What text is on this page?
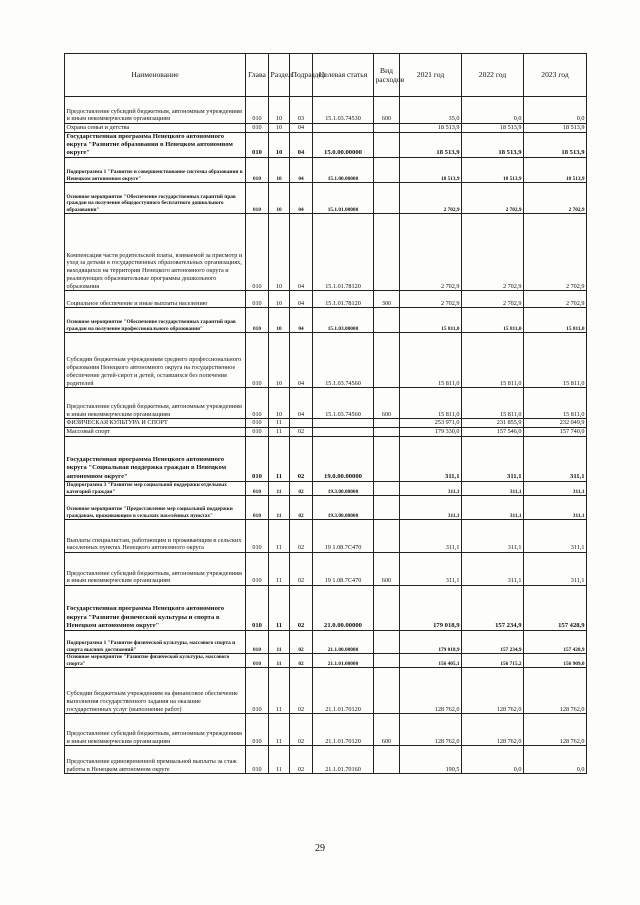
Наименование	Глава	Раздел	Подраздел	Целевая статья	Вид расходов	2021 год	2022 год	2023 год
Предоставление субсидий бюджетным, автономным учреждениям и иным некоммерческим организациям	010	10	03	15.1.03.74530	600	35,0	0,0	0,0
Охрана семьи и детства	010	10	04			18 513,9	18 513,9	18 513,9
Государственная программа Ненецкого автономного округа "Развитие образования в Ненецком автономном округе"	010	10	04	15.0.00.00000		18 513,9	18 513,9	18 513,9
Подпрограмма 1 "Развитие и совершенствование системы образования в Ненецком автономном округе"	010	10	04	15.1.00.00000		18 513,9	18 513,9	18 513,9
Основное мероприятие "Обеспечение государственных гарантий прав граждан на получение общедоступного бесплатного дошкольного образования"	010	10	04	15.1.01.00000		2 702,9	2 702,9	2 702,9
Компенсация части родительской платы, взимаемой за присмотр и уход за детьми в государственных образовательных организациях, находящихся на территории Ненецкого автономного округа и реализующих образовательные программы дошкольного образования	010	10	04	15.1.01.78120		2 702,9	2 702,9	2 702,9
Социальное обеспечение и иные выплаты населению	010	10	04	15.1.01.78120	300	2 702,9	2 702,9	2 702,9
Основное мероприятие "Обеспечение государственных гарантий прав граждан на получение профессионального образования"	010	10	04	15.1.03.00000		15 811,0	15 811,0	15 811,0
Субсидии бюджетным учреждениям среднего профессионального образования Ненецкого автономного округа на государственное обеспечение детей-сирот и детей, оставшихся без попечения родителей	010	10	04	15.1.03.74560		15 811,0	15 811,0	15 811,0
Предоставление субсидий бюджетным, автономным учреждениям и иным некоммерческим организациям	010	10	04	15.1.03.74560	600	15 811,0	15 811,0	15 811,0
ФИЗИЧЕСКАЯ КУЛЬТУРА И СПОРТ	010	11				253 971,0	231 855,9	232 049,9
Массовый спорт	010	11	02			179 330,0	157 546,0	157 740,0
Государственная программа Ненецкого автономного округа "Социальная поддержка граждан в Ненецком автономном округе"	010	11	02	19.0.00.00000		311,1	311,1	311,1
Подпрограмма 3 "Развитие мер социальной поддержки отдельных категорий граждан"	010	11	02	19.3.00.00000		311,1	311,1	311,1
Основное мероприятие "Предоставление мер социальной поддержки гражданам, проживающим в сельских населённых пунктах"	010	11	02	19.3.08.00000		311,1	311,1	311,1
Выплаты специалистам, работающим и проживающим в сельских населенных пунктах Ненецкого автономного округа	010	11	02	19 1.08.7С470		311,1	311,1	311,1
Предоставление субсидий бюджетным, автономным учреждениям и иным некоммерческим организациям	010	11	02	19 1.08.7С470	600	311,1	311,1	311,1
Государственная программа Ненецкого автономного округа "Развитие физической культуры и спорта в Ненецком автономном округе"	010	11	02	21.0.00.00000		179 018,9	157 234,9	157 428,9
Подпрограмма 1 "Развитие физической культуры, массового спорта и спорта высших достижений"	010	11	02	21.1.00.00000		179 018,9	157 234,9	157 428,9
Основное мероприятие "Развитие физической культуры, массового спорта"	010	11	02	21.1.01.00000		156 405,1	156 715,2	156 909,0
Субсидии бюджетным учреждениям на финансовое обеспечение выполнения государственного задания на оказание государственных услуг (выполнение работ)	010	11	02	21.1.01.70120		128 762,0	128 762,0	128 762,0
Предоставление субсидий бюджетным, автономным учреждениям и иным некоммерческим организациям	010	11	02	21.1.01.70120	600	128 762,0	128 762,0	128 762,0
Предоставление единовременной премиальной выплаты за стаж работы в Ненецком автономном округе	010	11	02	21.1.01.70160		190,5	0,0	0,0
29
